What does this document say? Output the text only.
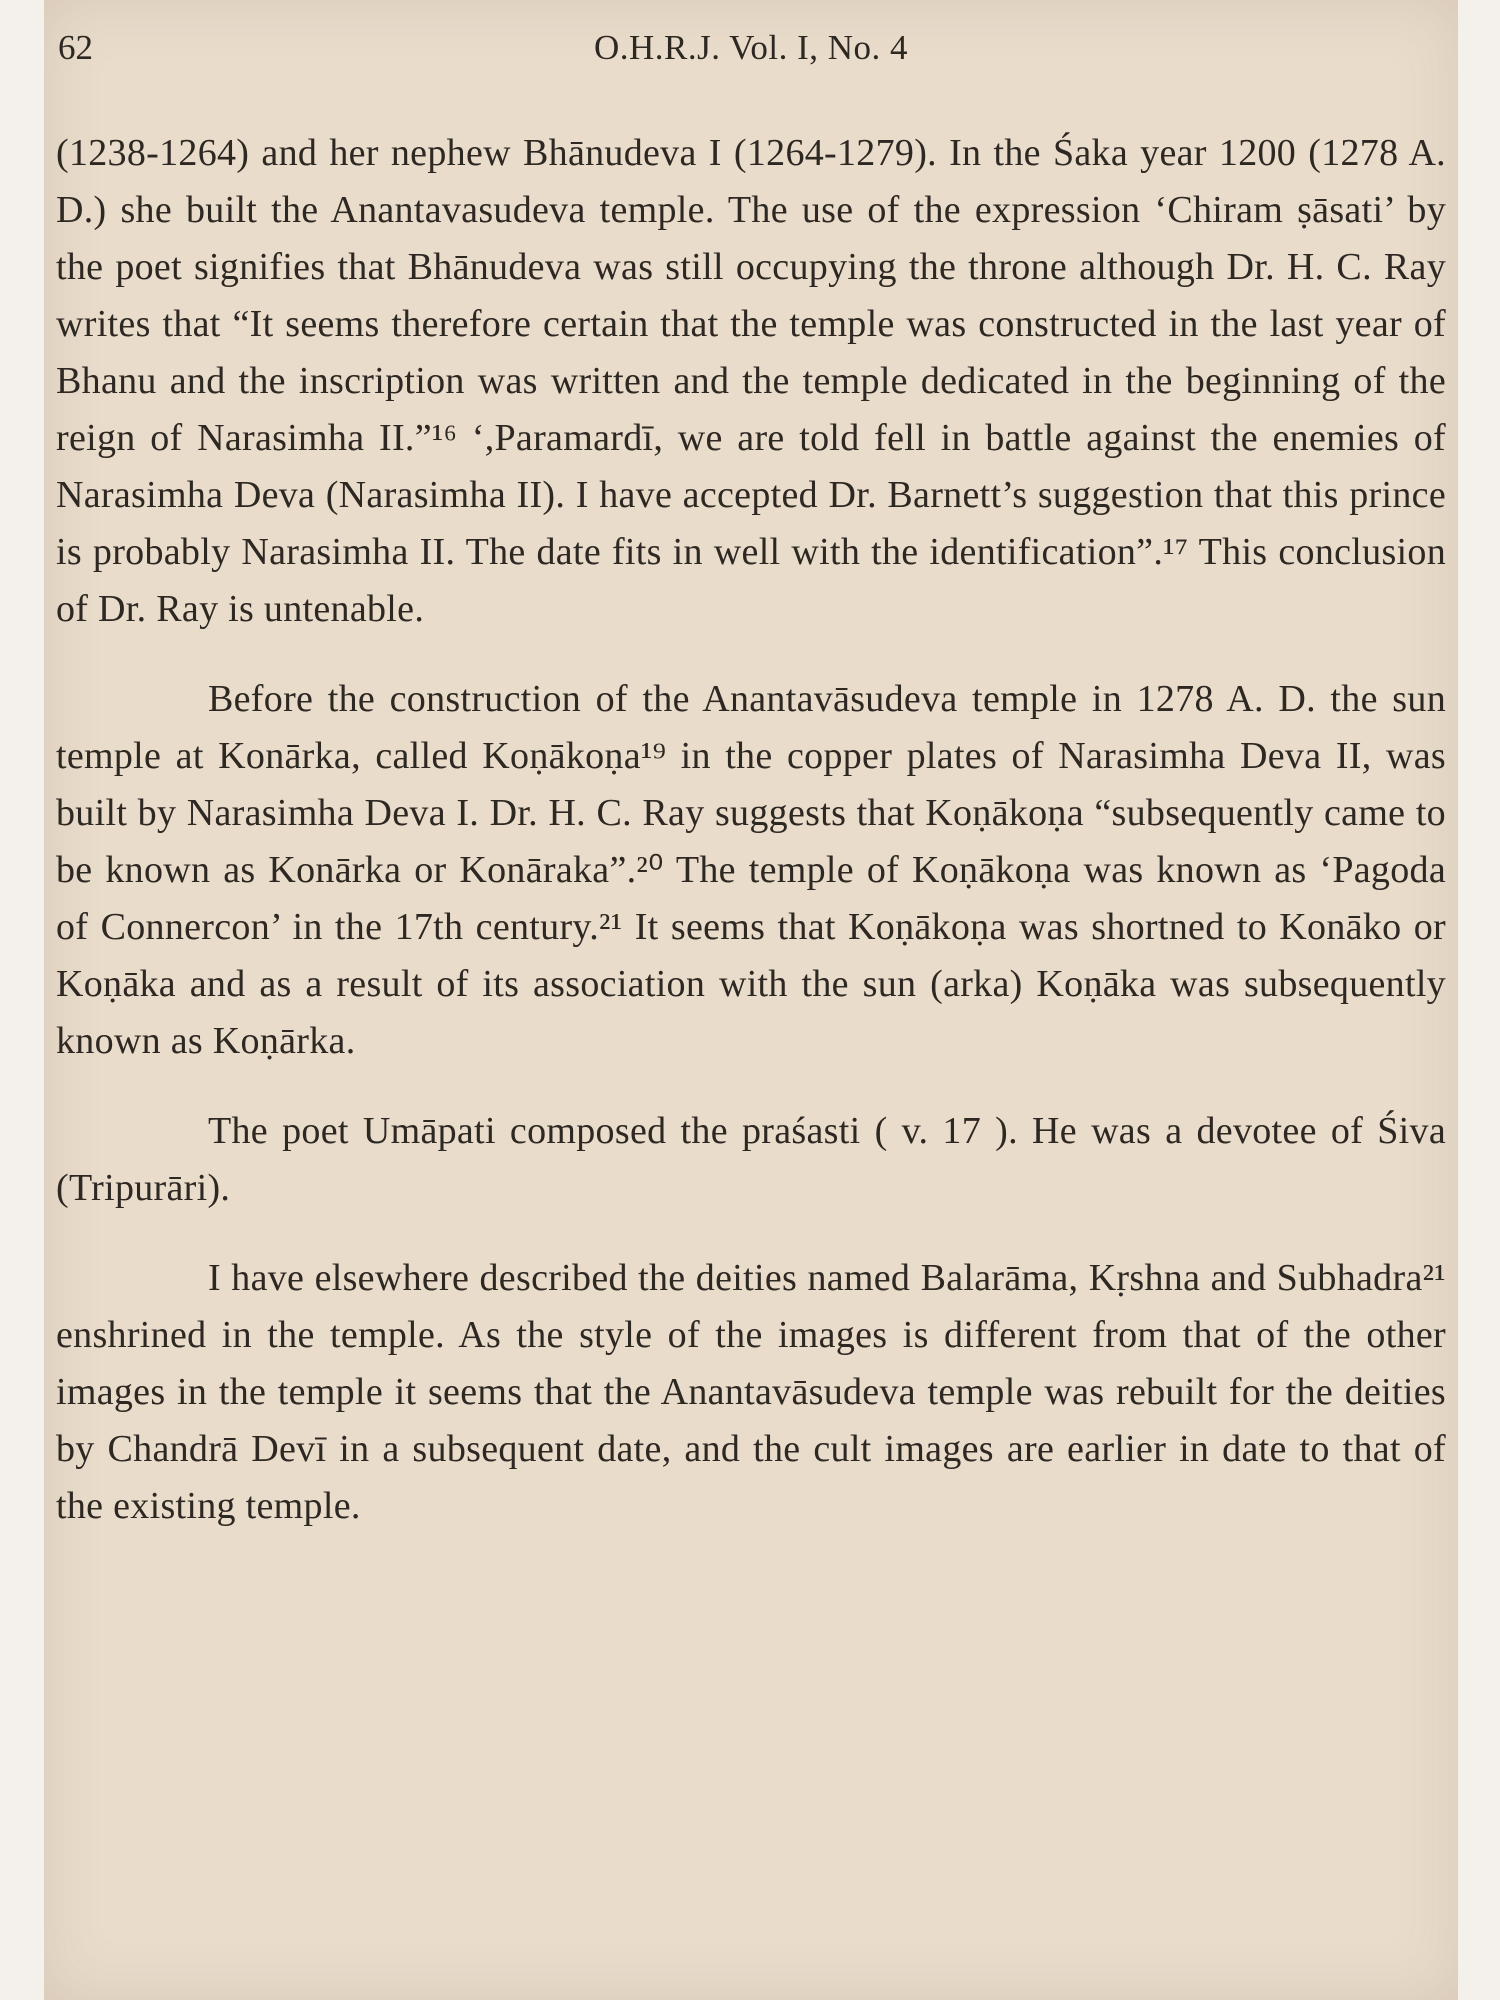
62	O.H.R.J. Vol. I, No. 4

(1238-1264) and her nephew Bhānudeva I (1264-1279). In the Śaka year 1200 (1278 A. D.) she built the Anantavasudeva temple. The use of the expression ‘Chiram ṣāsati’ by the poet signifies that Bhānudeva was still occupying the throne although Dr. H. C. Ray writes that “It seems therefore certain that the temple was constructed in the last year of Bhanu and the inscription was written and the temple dedicated in the beginning of the reign of Narasimha II.”¹⁶ ‘,Paramardī, we are told fell in battle against the enemies of Narasimha Deva (Narasimha II). I have accepted Dr. Barnett’s suggestion that this prince is probably Narasimha II. The date fits in well with the identification”.¹⁷ This conclusion of Dr. Ray is untenable.

Before the construction of the Anantavāsudeva temple in 1278 A. D. the sun temple at Konārka, called Koṇākoṇa¹⁹ in the copper plates of Narasimha Deva II, was built by Narasimha Deva I. Dr. H. C. Ray suggests that Koṇākoṇa “subsequently came to be known as Konārka or Konāraka”.²⁰ The temple of Koṇākoṇa was known as ‘Pagoda of Connercon’ in the 17th century.²¹ It seems that Koṇākoṇa was shortned to Konāko or Koṇāka and as a result of its association with the sun (arka) Koṇāka was subsequently known as Koṇārka.

The poet Umāpati composed the praśasti ( v. 17 ). He was a devotee of Śiva (Tripurāri).

I have elsewhere described the deities named Balarāma, Kṛshna and Subhadra²¹ enshrined in the temple. As the style of the images is different from that of the other images in the temple it seems that the Anantavāsudeva temple was rebuilt for the deities by Chandrā Devī in a subsequent date, and the cult images are earlier in date to that of the existing temple.
